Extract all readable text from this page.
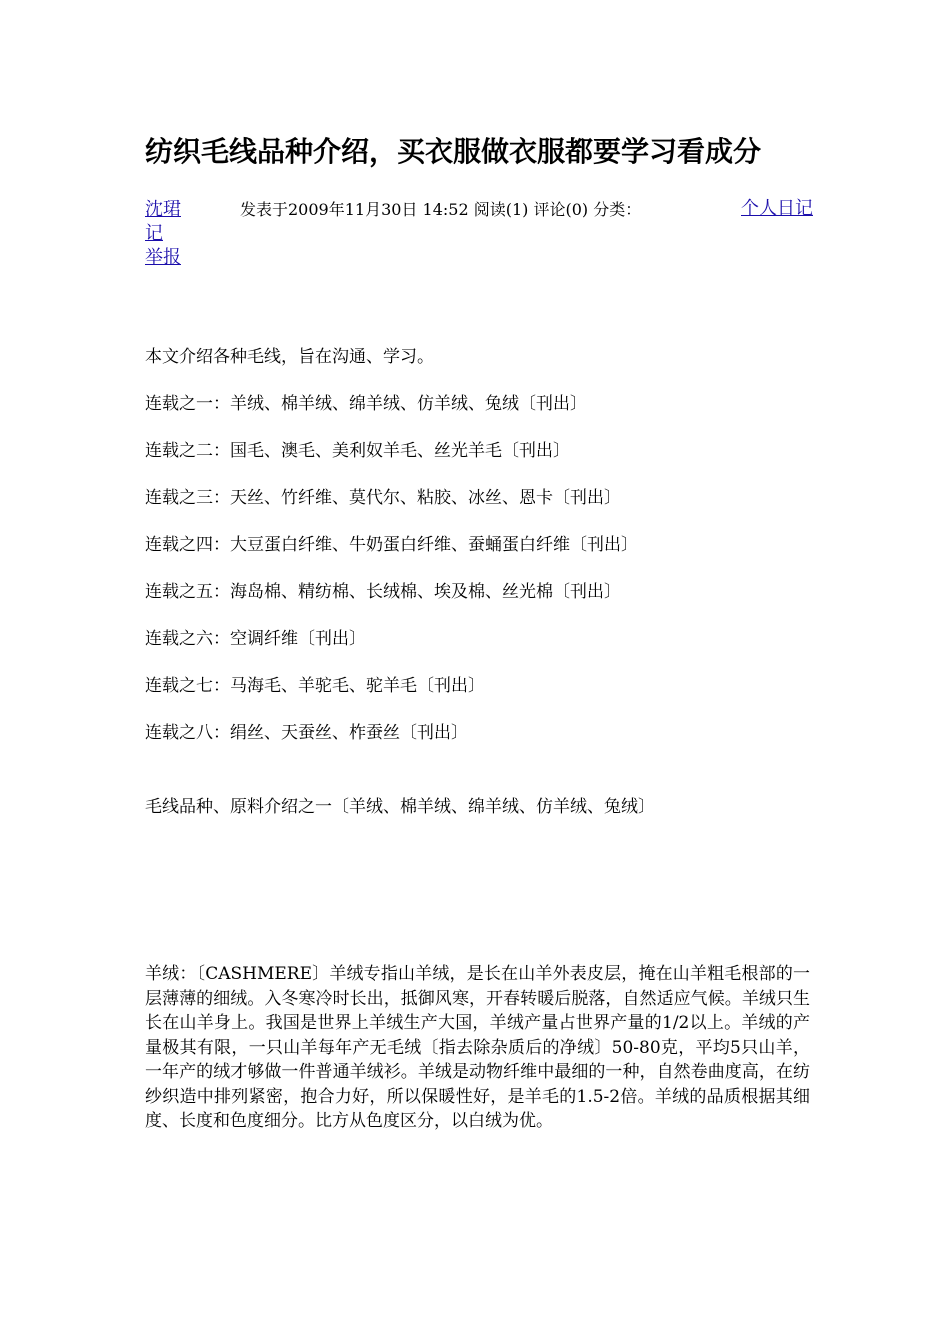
纺织毛线品种介绍，买衣服做衣服都要学习看成分
沈珺记
举报
发表于2009年11月30日 14:52 阅读(1) 评论(0) 分类：	个人日记
本文介绍各种毛线，旨在沟通、学习。
连载之一：羊绒、棉羊绒、绵羊绒、仿羊绒、兔绒〔刊出〕
连载之二：国毛、澳毛、美利奴羊毛、丝光羊毛〔刊出〕
连载之三：天丝、竹纤维、莫代尔、粘胶、冰丝、恩卡〔刊出〕
连载之四：大豆蛋白纤维、牛奶蛋白纤维、蚕蛹蛋白纤维〔刊出〕
连载之五：海岛棉、精纺棉、长绒棉、埃及棉、丝光棉〔刊出〕
连载之六：空调纤维〔刊出〕
连载之七：马海毛、羊驼毛、驼羊毛〔刊出〕
连载之八：绢丝、天蚕丝、柞蚕丝〔刊出〕
毛线品种、原料介绍之一〔羊绒、棉羊绒、绵羊绒、仿羊绒、兔绒〕

羊绒：〔CASHMERE〕羊绒专指山羊绒，是长在山羊外表皮层，掩在山羊粗毛根部的一层薄薄的细绒。入冬寒冷时长出，抵御风寒，开春转暖后脱落，自然适应气候。羊绒只生长在山羊身上。我国是世界上羊绒生产大国，羊绒产量占世界产量的1/2以上。羊绒的产量极其有限，一只山羊每年产无毛绒〔指去除杂质后的净绒〕50-80克，平均5只山羊，一年产的绒才够做一件普通羊绒衫。羊绒是动物纤维中最细的一种，自然卷曲度高，在纺纱织造中排列紧密，抱合力好，所以保暖性好，是羊毛的1.5-2倍。羊绒的品质根据其细度、长度和色度细分。比方从色度区分，以白绒为优。
